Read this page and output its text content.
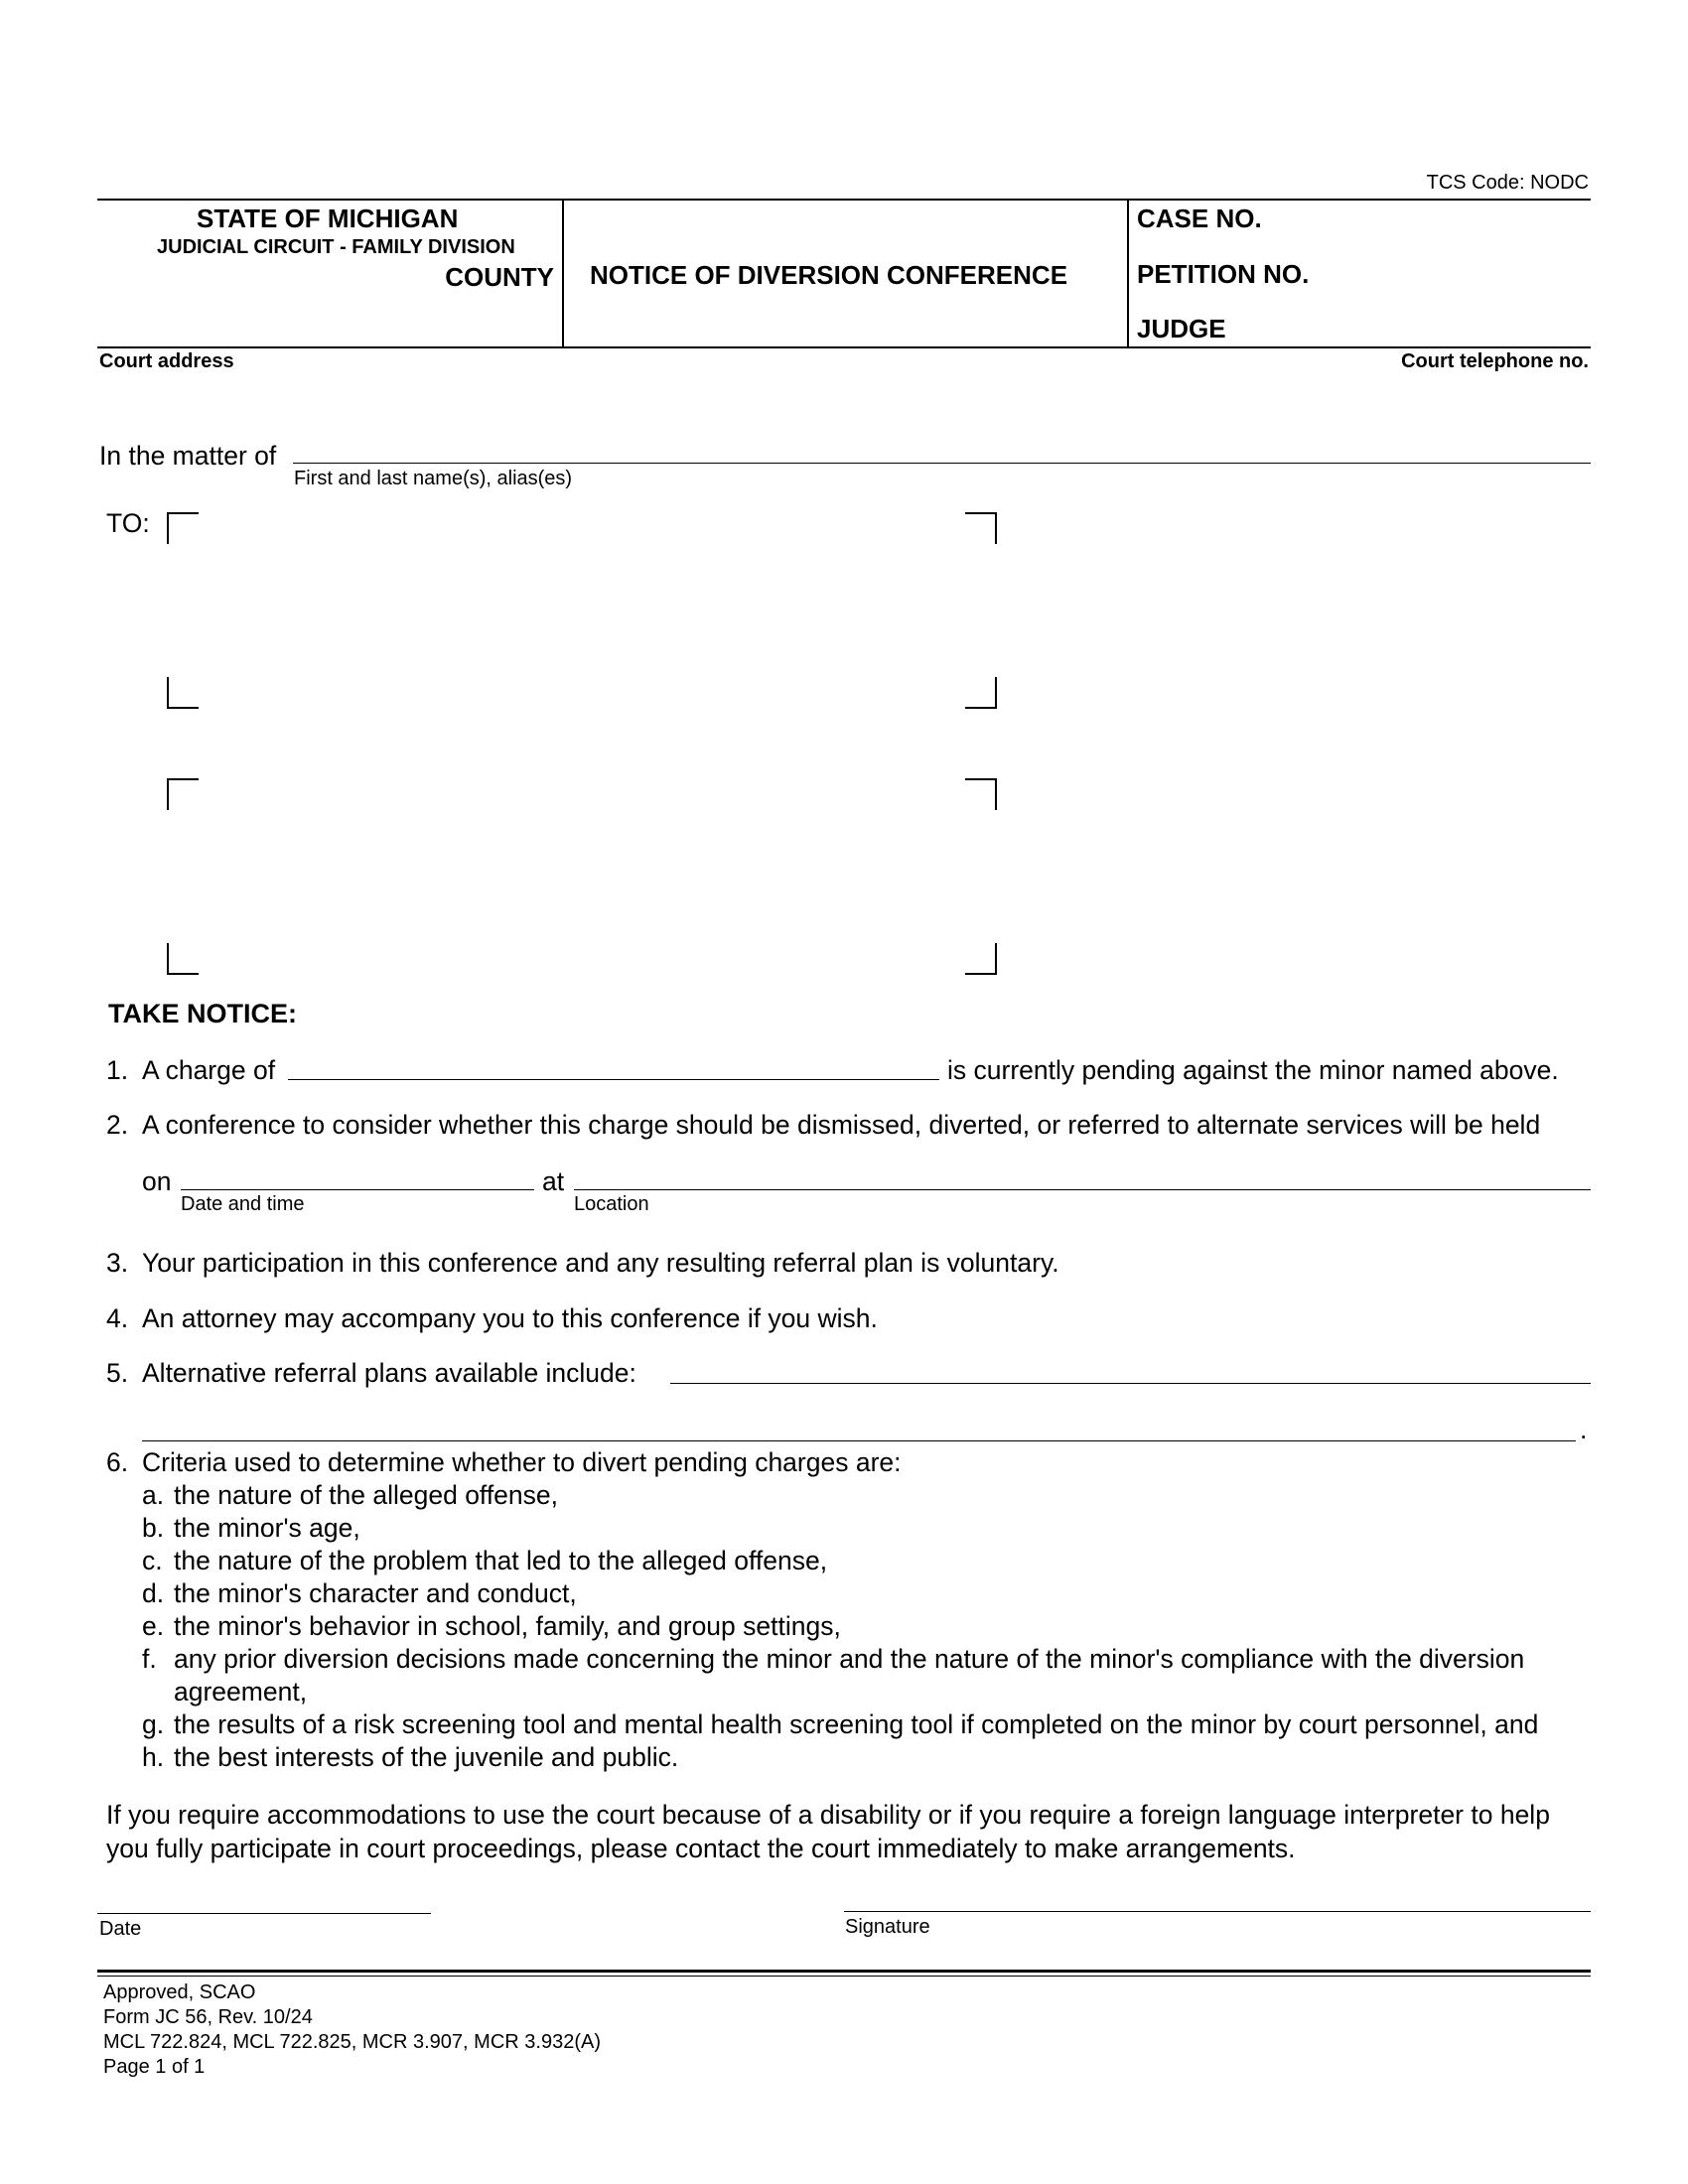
TCS Code: NODC
STATE OF MICHIGAN
JUDICIAL CIRCUIT - FAMILY DIVISION
COUNTY NOTICE OF DIVERSION CONFERENCE
CASE NO.
PETITION NO.
JUDGE
Court address	Court telephone no.
In the matter of
First and last name(s), alias(es)
TO:
TAKE NOTICE:
1. A charge of	is currently pending against the minor named above.
2. A conference to consider whether this charge should be dismissed, diverted, or referred to alternate services will be held
on
Date and time
at
Location
3. Your participation in this conference and any resulting referral plan is voluntary.
4. An attorney may accompany you to this conference if you wish.
5. Alternative referral plans available include:
.
6. Criteria used to determine whether to divert pending charges are:
a. the nature of the alleged offense,
b. the minor's age,
c. the nature of the problem that led to the alleged offense,
d. the minor's character and conduct,
e. the minor's behavior in school, family, and group settings,
f. any prior diversion decisions made concerning the minor and the nature of the minor's compliance with the diversion
agreement,
g. the results of a risk screening tool and mental health screening tool if completed on the minor by court personnel, and
h. the best interests of the juvenile and public.
If you require accommodations to use the court because of a disability or if you require a foreign language interpreter to help
you fully participate in court proceedings, please contact the court immediately to make arrangements.
Date	Signature
Approved, SCAO
Form JC 56, Rev. 10/24
MCL 722.824, MCL 722.825, MCR 3.907, MCR 3.932(A)
Page 1 of 1
